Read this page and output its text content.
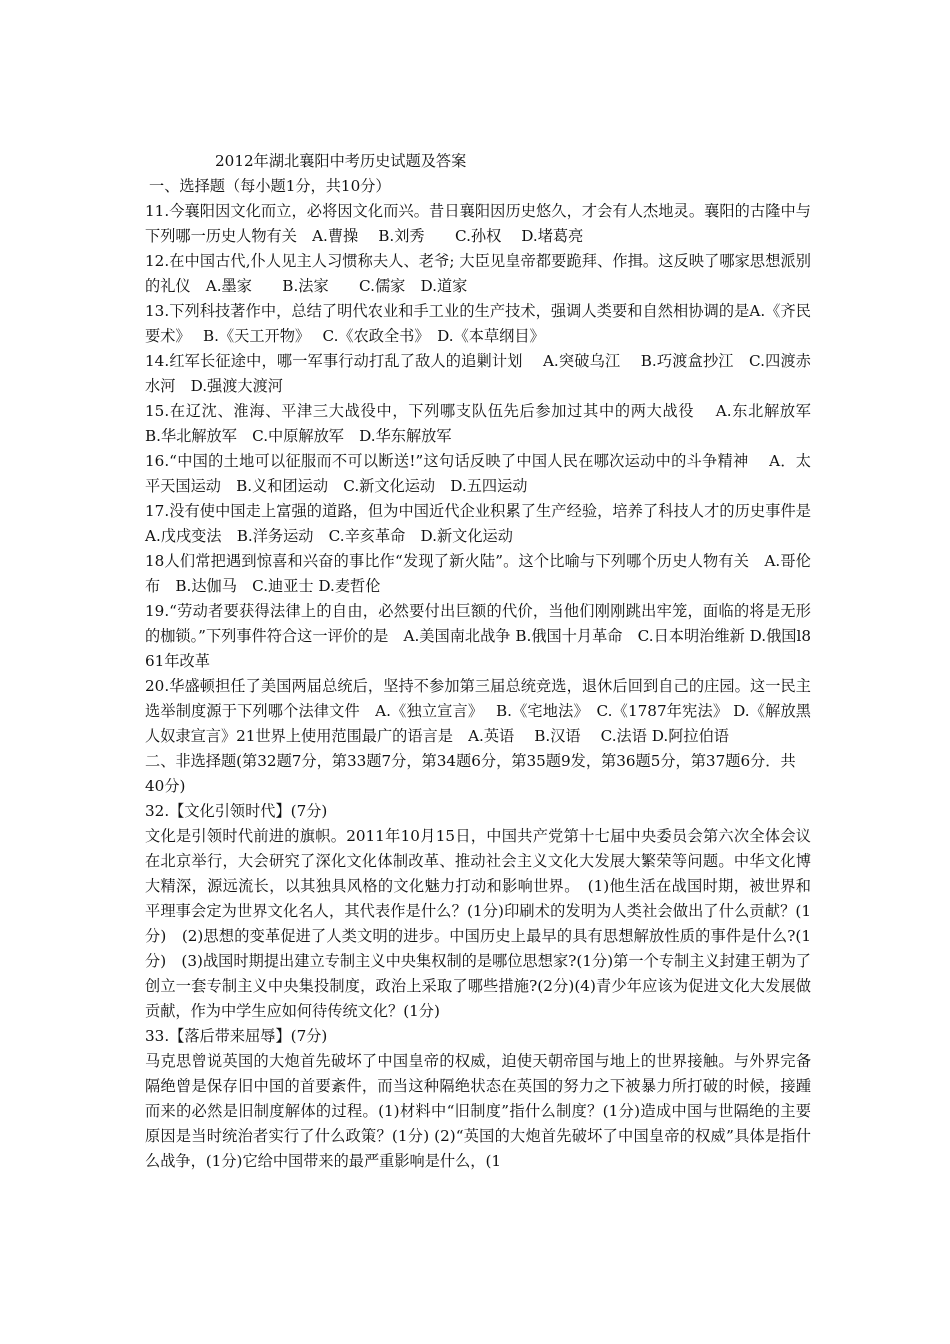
2012年湖北襄阳中考历史试题及答案
一、选择题（每小题1分，共10分）

11.今襄阳因文化而立，必将因文化而兴。昔日襄阳因历史悠久，才会有人杰地灵。襄阳的古隆中与下列哪一历史人物有关　A.曹操　 B.刘秀　　C.孙权　 D.堵葛亮

12.在中国古代,仆人见主人习惯称夫人、老爷; 大臣见皇帝都要跪拜、作揖。这反映了哪家思想派别的礼仪　A.墨家　　B.法家　　C.儒家　D.道家

13.下列科技著作中，总结了明代农业和手工业的生产技术，强调人类要和自然相协调的是A.《齐民要术》　 B.《天工开物》　 C.《农政全书》　D.《本草纲目》

14.红军长征途中，哪一军事行动打乱了敌人的追剿计划　 A.突破乌江　 B.巧渡盒抄江　C.四渡赤水河　D.强渡大渡河

15.在辽沈、淮海、平津三大战役中，下列哪支队伍先后参加过其中的两大战役　 A.东北解放军　B.华北解放军　C.中原解放军　D.华东解放军

16.“中国的土地可以征服而不可以断送!”这句话反映了中国人民在哪次运动中的斗争精神　 A．太平天国运动　B.义和团运动　C.新文化运动　D.五四运动

17.没有使中国走上富强的道路，但为中国近代企业积累了生产经验，培养了科技人才的历史事件是　A.戊戌变法　B.洋务运动　C.辛亥革命　D.新文化运动

18人们常把遇到惊喜和兴奋的事比作“发现了新火陆”。这个比喻与下列哪个历史人物有关　A.哥伦布　B.达伽马　C.迪亚士 D.麦哲伦

19.“劳动者要获得法律上的自由，必然要付出巨额的代价，当他们刚刚跳出牢笼，面临的将是无形的枷锁。”下列事件符合这一评价的是　A.美国南北战争 B.俄国十月革命　C.日本明治维新 D.俄国l861年改革

20.华盛顿担任了美国两届总统后，坚持不参加第三届总统竞选，退休后回到自己的庄园。这一民主选举制度源于下列哪个法律文件　A.《独立宣言》　 B.《宅地法》　C.《1787年宪法》 D.《解放黑人奴隶宣言》21世界上使用范围最广的语言是　A.英语　 B.汉语　 C.法语 D.阿拉伯语

二、非选择题(第32题7分，第33题7分，第34题6分，第35题9发，第36题5分，第37题6分．共40分)

32.【文化引领时代】(7分)

文化是引领时代前进的旗帜。2011年10月15日，中国共产党第十七届中央委员会第六次全体会议在北京举行，大会研究了深化文化体制改革、推动社会主义文化大发展大繁荣等问题。中华文化博大精深，源远流长，以其独具风格的文化魅力打动和影响世界。　(1)他生活在战国时期，被世界和平理事会定为世界文化名人，其代表作是什么？(1分)印刷术的发明为人类社会做出了什么贡献？(1分)　(2)思想的变革促进了人类文明的进步。中国历史上最早的具有思想解放性质的事件是什么?(1分)　(3)战国时期提出建立专制主义中央集权制的是哪位思想家?(1分)第一个专制主义封建王朝为了创立一套专制主义中央集投制度，政治上采取了哪些措施?(2分)(4)青少年应该为促进文化大发展做贡献，作为中学生应如何待传统文化？(1分)

33.【落后带来屈辱】(7分)

马克思曾说英国的大炮首先破坏了中国皇帝的权威，迫使天朝帝国与地上的世界接触。与外界完备隔绝曾是保存旧中国的首要紊件，而当这种隔绝状态在英国的努力之下被暴力所打破的时候，接踵而来的必然是旧制度解体的过程。(1)材料中“旧制度”指什么制度？(1分)造成中国与世隔绝的主要原因是当时统治者实行了什么政策？(1分) (2)“英国的大炮首先破坏了中国皇帝的权威”具体是指什么战争，(1分)它给中国带来的最严重影响是什么，(1
